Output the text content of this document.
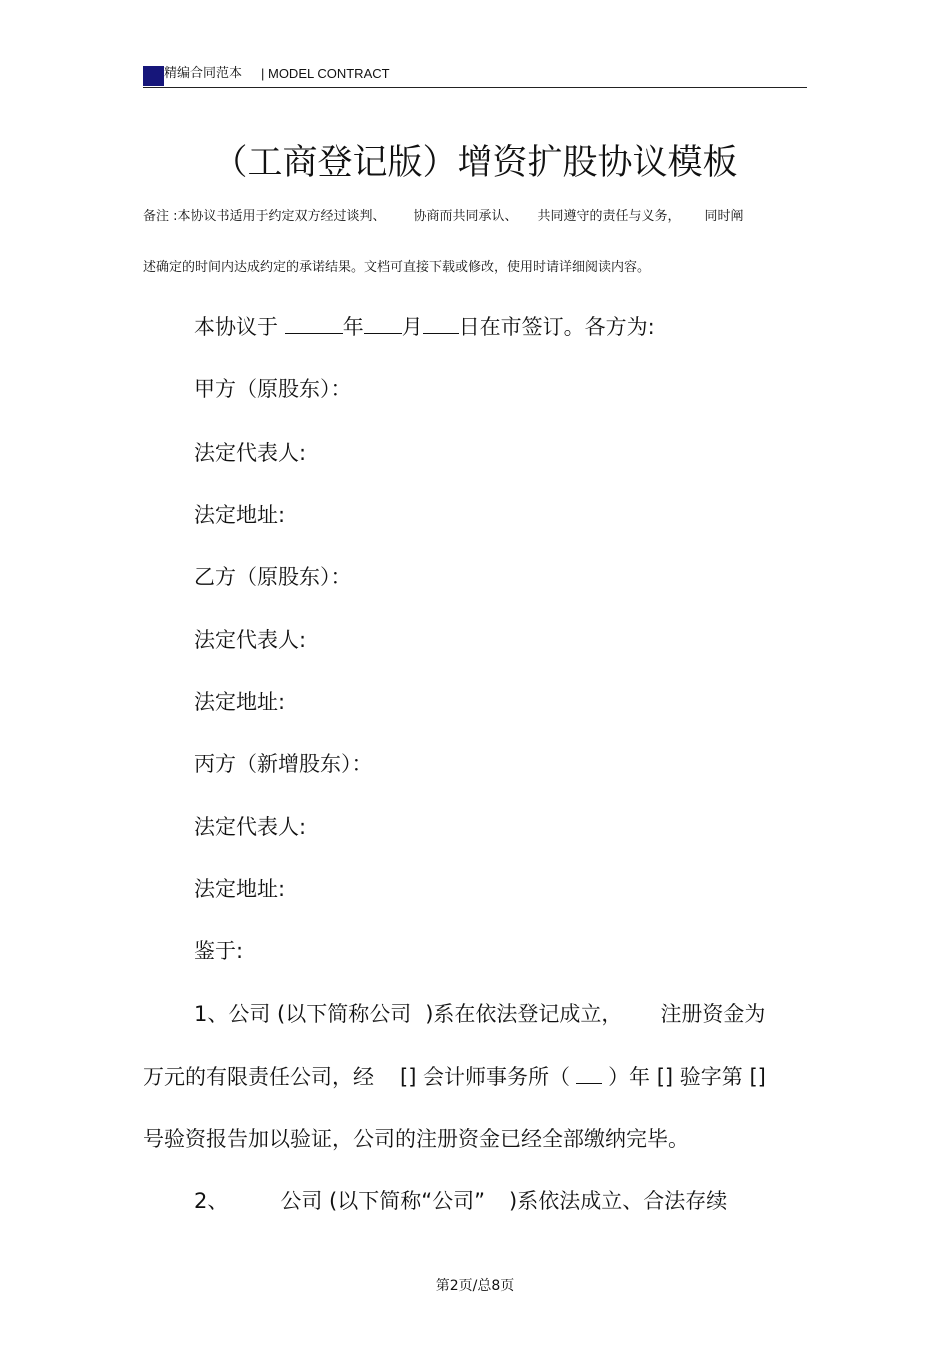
精编合同范本 | MODEL CONTRACT
（工商登记版）增资扩股协议模板
备注 :本协议书适用于约定双方经过谈判、 协商而共同承认、 共同遵守的责任与义务， 同时阐
述确定的时间内达成约定的承诺结果。文档可直接下载或修改，使用时请详细阅读内容。
本协议于	年 月 日在市签订。各方为:
甲方（原股东）：
法定代表人:
法定地址:
乙方（原股东）：
法定代表人:
法定地址:
丙方（新增股东）：
法定代表人:
法定地址:
鉴于:
1、公司 (以下简称公司 )系在依法登记成立， 注册资金为
万元的有限责任公司，经 [] 会计师事务所（ ）年 [] 验字第 []
号验资报告加以验证，公司的注册资金已经全部缴纳完毕。
2、 公司 (以下简称“公司” )系依法成立、合法存续
第2页/总8页
